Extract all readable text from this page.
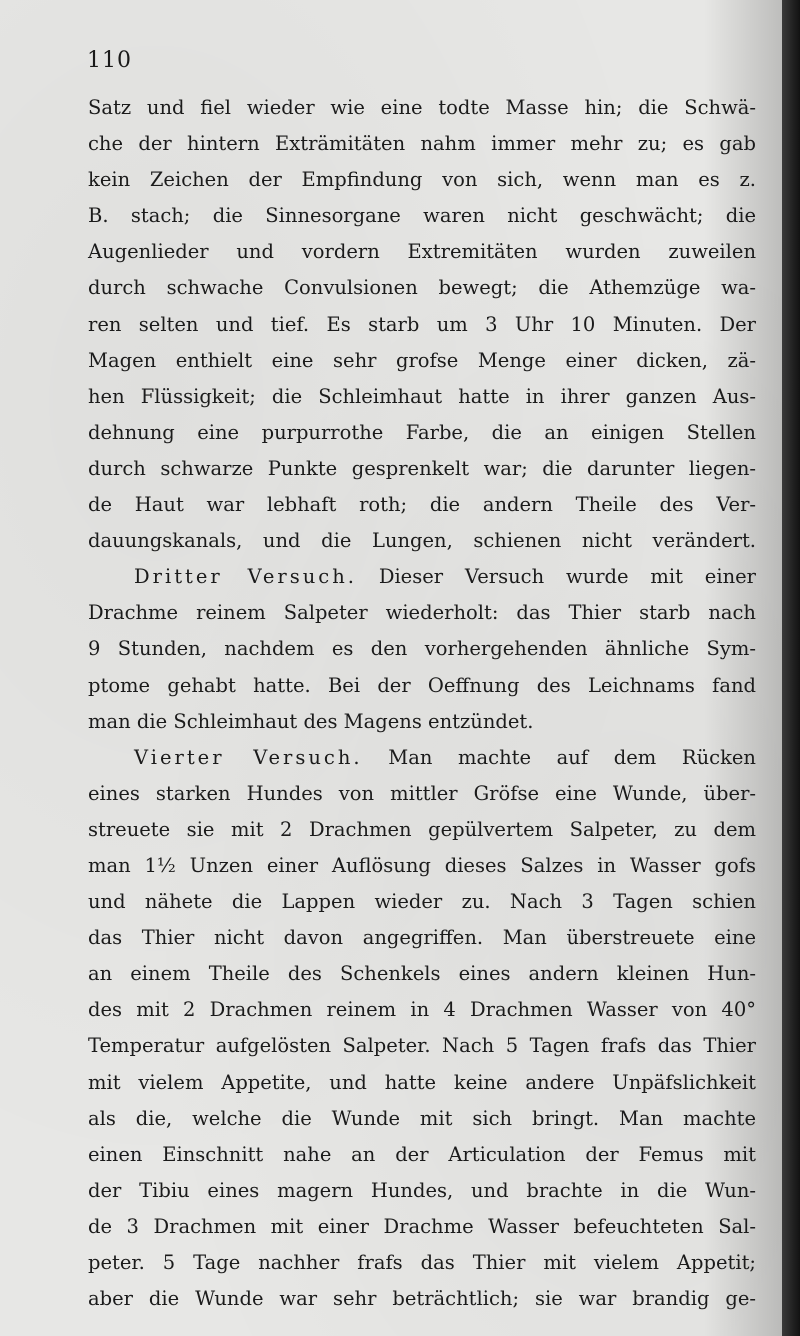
110
Satz und fiel wieder wie eine todte Masse hin; die Schwä-
che der hintern Exträmitäten nahm immer mehr zu; es gab
kein Zeichen der Empfindung von sich, wenn man es z.
B. stach; die Sinnesorgane waren nicht geschwächt; die
Augenlieder und vordern Extremitäten wurden zuweilen
durch schwache Convulsionen bewegt; die Athemzüge wa-
ren selten und tief. Es starb um 3 Uhr 10 Minuten. Der
Magen enthielt eine sehr grofse Menge einer dicken, zä-
hen Flüssigkeit; die Schleimhaut hatte in ihrer ganzen Aus-
dehnung eine purpurrothe Farbe, die an einigen Stellen
durch schwarze Punkte gesprenkelt war; die darunter liegen-
de Haut war lebhaft roth; die andern Theile des Ver-
dauungskanals, und die Lungen, schienen nicht verändert.
Dritter Versuch. Dieser Versuch wurde mit einer
Drachme reinem Salpeter wiederholt: das Thier starb nach
9 Stunden, nachdem es den vorhergehenden ähnliche Sym-
ptome gehabt hatte. Bei der Oeffnung des Leichnams fand
man die Schleimhaut des Magens entzündet.
Vierter Versuch. Man machte auf dem Rücken
eines starken Hundes von mittler Gröfse eine Wunde, über-
streuete sie mit 2 Drachmen gepülvertem Salpeter, zu dem
man 1½ Unzen einer Auflösung dieses Salzes in Wasser gofs
und nähete die Lappen wieder zu. Nach 3 Tagen schien
das Thier nicht davon angegriffen. Man überstreuete eine
an einem Theile des Schenkels eines andern kleinen Hun-
des mit 2 Drachmen reinem in 4 Drachmen Wasser von 40°
Temperatur aufgelösten Salpeter. Nach 5 Tagen frafs das Thier
mit vielem Appetite, und hatte keine andere Unpäfslichkeit
als die, welche die Wunde mit sich bringt. Man machte
einen Einschnitt nahe an der Articulation der Femus mit
der Tibiu eines magern Hundes, und brachte in die Wun-
de 3 Drachmen mit einer Drachme Wasser befeuchteten Sal-
peter. 5 Tage nachher frafs das Thier mit vielem Appetit;
aber die Wunde war sehr beträchtlich; sie war brandig ge-
